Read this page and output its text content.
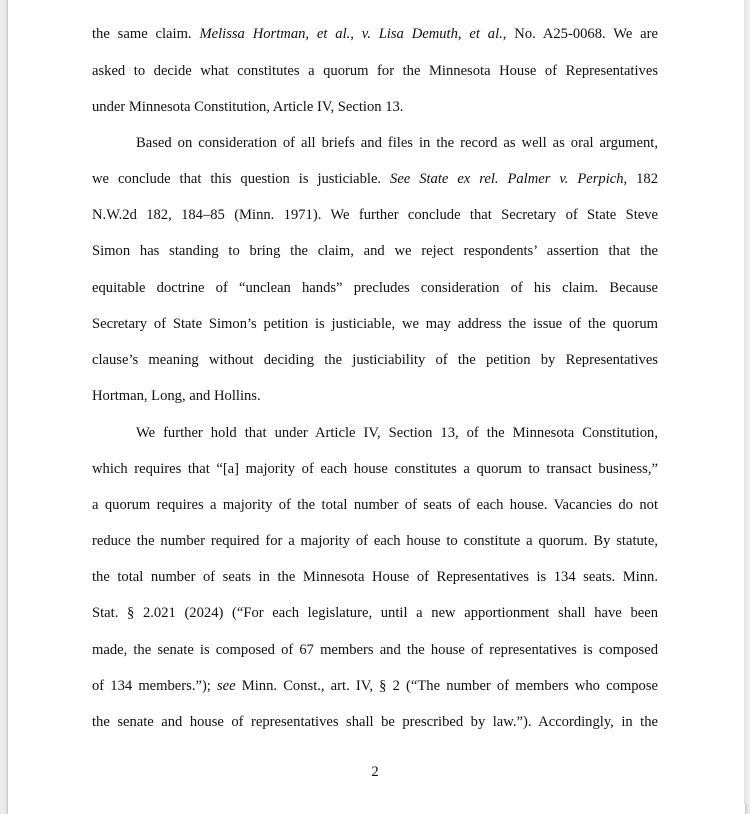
the same claim. Melissa Hortman, et al., v. Lisa Demuth, et al., No. A25-0068. We are
asked to decide what constitutes a quorum for the Minnesota House of Representatives
under Minnesota Constitution, Article IV, Section 13.
Based on consideration of all briefs and files in the record as well as oral argument,
we conclude that this question is justiciable. See State ex rel. Palmer v. Perpich, 182
N.W.2d 182, 184–85 (Minn. 1971). We further conclude that Secretary of State Steve
Simon has standing to bring the claim, and we reject respondents’ assertion that the
equitable doctrine of “unclean hands” precludes consideration of his claim. Because
Secretary of State Simon’s petition is justiciable, we may address the issue of the quorum
clause’s meaning without deciding the justiciability of the petition by Representatives
Hortman, Long, and Hollins.
We further hold that under Article IV, Section 13, of the Minnesota Constitution,
which requires that “[a] majority of each house constitutes a quorum to transact business,”
a quorum requires a majority of the total number of seats of each house. Vacancies do not
reduce the number required for a majority of each house to constitute a quorum. By statute,
the total number of seats in the Minnesota House of Representatives is 134 seats. Minn.
Stat. § 2.021 (2024) (“For each legislature, until a new apportionment shall have been
made, the senate is composed of 67 members and the house of representatives is composed
of 134 members.”); see Minn. Const., art. IV, § 2 (“The number of members who compose
the senate and house of representatives shall be prescribed by law.”). Accordingly, in the
2
